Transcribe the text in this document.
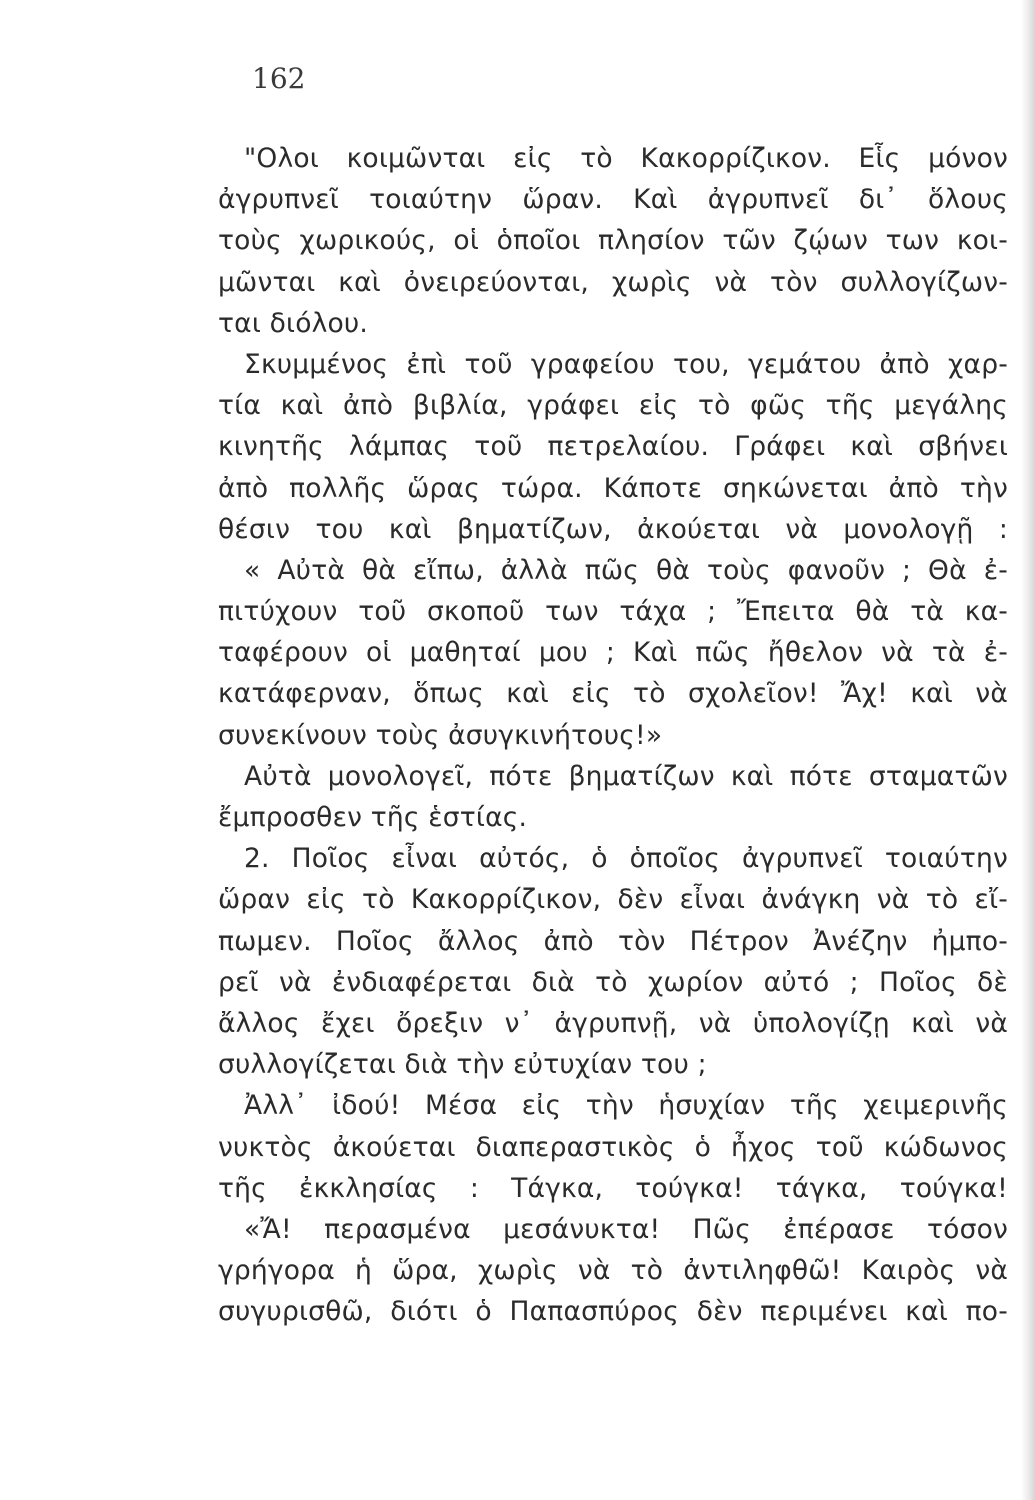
162
"Ολοι κοιμῶνται εἰς τὸ Κακορρίζικον. Εἷς μόνον
ἀγρυπνεῖ τοιαύτην ὥραν. Καὶ ἀγρυπνεῖ δι᾽ ὅλους
τοὺς χωρικούς, οἱ ὁποῖοι πλησίον τῶν ζῴων των κοι-
μῶνται καὶ ὀνειρεύονται, χωρὶς νὰ τὸν συλλογίζων-
ται διόλου.
Σκυμμένος ἐπὶ τοῦ γραφείου του, γεμάτου ἀπὸ χαρ-
τία καὶ ἀπὸ βιβλία, γράφει εἰς τὸ φῶς τῆς μεγάλης
κινητῆς λάμπας τοῦ πετρελαίου. Γράφει καὶ σβήνει
ἀπὸ πολλῆς ὥρας τώρα. Κάποτε σηκώνεται ἀπὸ τὴν
θέσιν του καὶ βηματίζων, ἀκούεται νὰ μονολογῇ :
« Αὐτὰ θὰ εἴπω, ἀλλὰ πῶς θὰ τοὺς φανοῦν ; Θὰ ἐ-
πιτύχουν τοῦ σκοποῦ των τάχα ; Ἔπειτα θὰ τὰ κα-
ταφέρουν οἱ μαθηταί μου ; Καὶ πῶς ἤθελον νὰ τὰ ἐ-
κατάφερναν, ὅπως καὶ εἰς τὸ σχολεῖον! Ἄχ! καὶ νὰ
συνεκίνουν τοὺς ἀσυγκινήτους!»
Αὐτὰ μονολογεῖ, πότε βηματίζων καὶ πότε σταματῶν
ἔμπροσθεν τῆς ἑστίας.
2. Ποῖος εἶναι αὐτός, ὁ ὁποῖος ἀγρυπνεῖ τοιαύτην
ὥραν εἰς τὸ Κακορρίζικον, δὲν εἶναι ἀνάγκη νὰ τὸ εἴ-
πωμεν. Ποῖος ἄλλος ἀπὸ τὸν Πέτρον Ἀνέζην ἠμπο-
ρεῖ νὰ ἐνδιαφέρεται διὰ τὸ χωρίον αὐτό ; Ποῖος δὲ
ἄλλος ἔχει ὄρεξιν ν᾽ ἀγρυπνῇ, νὰ ὑπολογίζῃ καὶ νὰ
συλλογίζεται διὰ τὴν εὐτυχίαν του ;
Ἀλλ᾽ ἰδού! Μέσα εἰς τὴν ἡσυχίαν τῆς χειμερινῆς
νυκτὸς ἀκούεται διαπεραστικὸς ὁ ἦχος τοῦ κώδωνος
τῆς ἐκκλησίας : Τάγκα, τούγκα! τάγκα, τούγκα!
«Ἄ! περασμένα μεσάνυκτα! Πῶς ἐπέρασε τόσον
γρήγορα ἡ ὥρα, χωρὶς νὰ τὸ ἀντιληφθῶ! Καιρὸς νὰ
συγυρισθῶ, διότι ὁ Παπασπύρος δὲν περιμένει καὶ πο-
